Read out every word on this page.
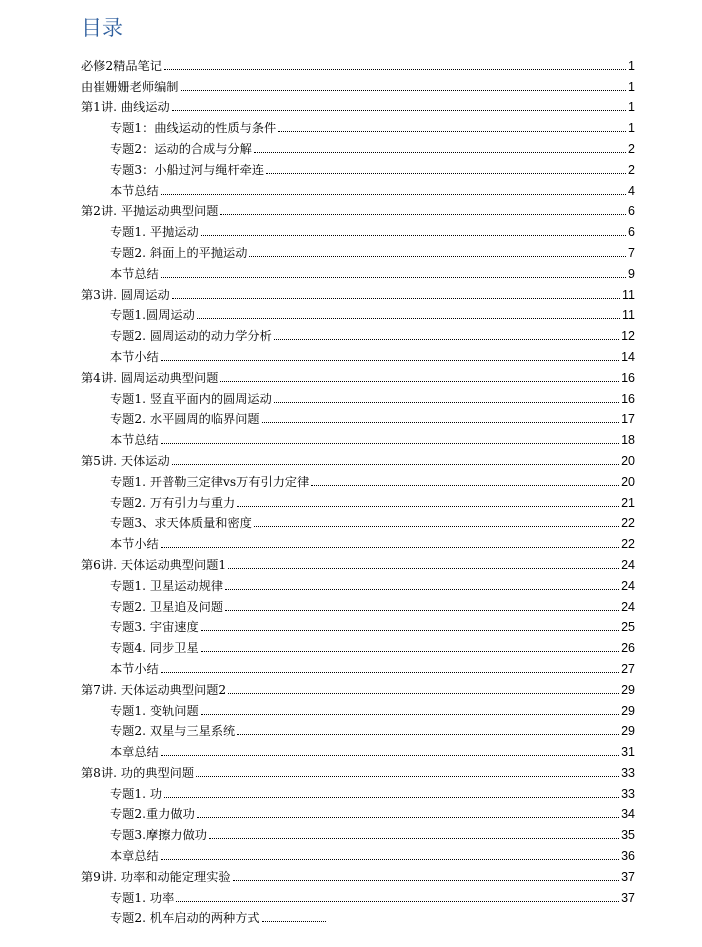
目录
必修2精品笔记	1
由崔姗姗老师编制	1
第1讲. 曲线运动	1
专题1：曲线运动的性质与条件	1
专题2：运动的合成与分解	2
专题3：小船过河与绳杆牵连	2
本节总结	4
第2讲. 平抛运动典型问题	6
专题1. 平抛运动	6
专题2. 斜面上的平抛运动	7
本节总结	9
第3讲. 圆周运动	11
专题1.圆周运动	11
专题2. 圆周运动的动力学分析	12
本节小结	14
第4讲. 圆周运动典型问题	16
专题1. 竖直平面内的圆周运动	16
专题2. 水平圆周的临界问题	17
本节总结	18
第5讲. 天体运动	20
专题1. 开普勒三定律vs万有引力定律	20
专题2. 万有引力与重力	21
专题3、求天体质量和密度	22
本节小结	22
第6讲. 天体运动典型问题1	24
专题1. 卫星运动规律	24
专题2. 卫星追及问题	24
专题3. 宇宙速度	25
专题4. 同步卫星	26
本节小结	27
第7讲. 天体运动典型问题2	29
专题1. 变轨问题	29
专题2. 双星与三星系统	29
本章总结	31
第8讲. 功的典型问题	33
专题1. 功	33
专题2.重力做功	34
专题3.摩擦力做功	35
本章总结	36
第9讲. 功率和动能定理实验	37
专题1. 功率	37
专题2. 机车启动的两种方式
